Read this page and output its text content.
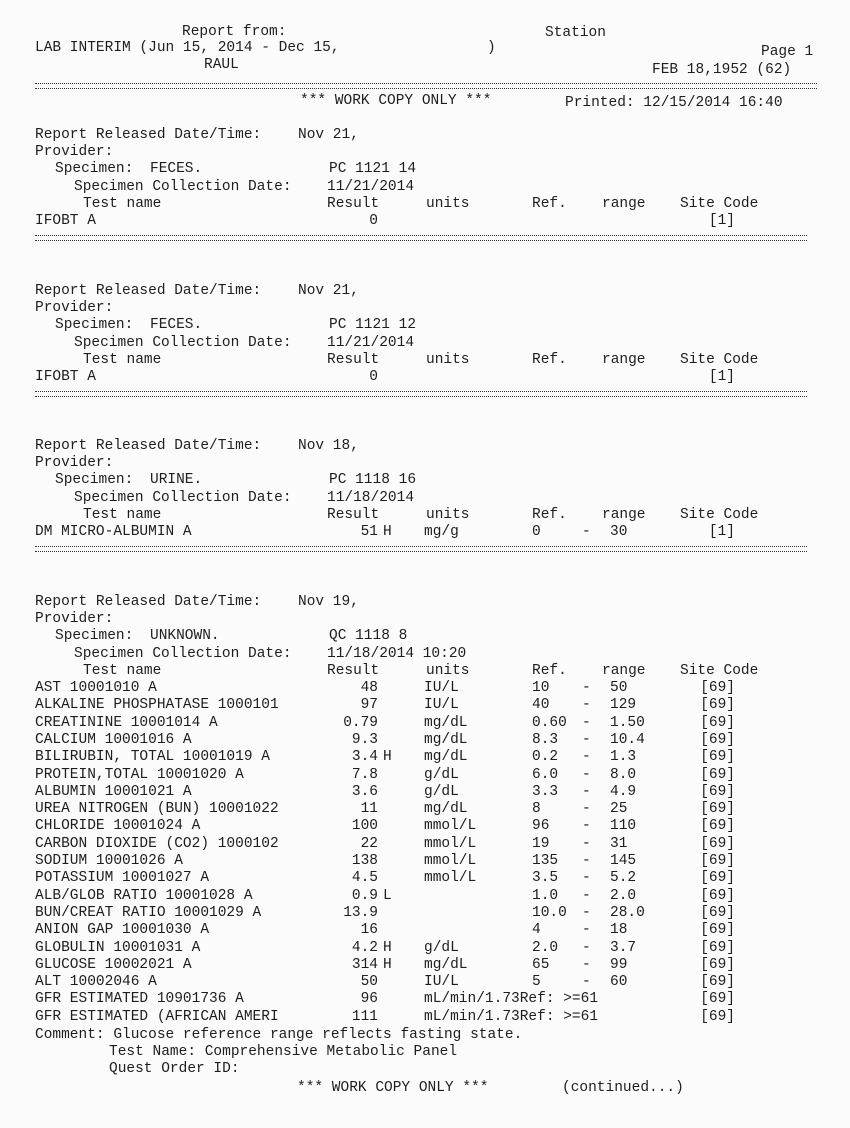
Report from:	Station
LAB INTERIM (Jun 15, 2014 - Dec 15,	)	Page 1
RAUL	FEB 18,1952 (62)
*** WORK COPY ONLY ***	Printed: 12/15/2014 16:40
Report Released Date/Time:	Nov 21,
Provider:
Specimen: FECES.	PC 1121 14
Specimen Collection Date: 11/21/2014
Test name	Result	units	Ref. range Site Code
IFOBT A	0	[1]
Report Released Date/Time:	Nov 21,
Provider:
Specimen: FECES.	PC 1121 12
Specimen Collection Date: 11/21/2014
Test name	Result	units	Ref. range Site Code
IFOBT A	0	[1]
Report Released Date/Time:	Nov 18,
Provider:
Specimen: URINE.	PC 1118 16
Specimen Collection Date: 11/18/2014
Test name	Result	units	Ref. range Site Code
DM MICRO-ALBUMIN A	51 H mg/g	0	- 30	[1]
Report Released Date/Time:	Nov 19,
Provider:
Specimen: UNKNOWN.	QC 1118 8
Specimen Collection Date: 11/18/2014 10:20
Test name	Result	units	Ref. range Site Code
AST 10001010 A	48	IU/L	10 - 50	[69]
ALKALINE PHOSPHATASE 1000101	97	IU/L	40 - 129	[69]
CREATININE 10001014 A	0.79	mg/dL	0.60 - 1.50	[69]
CALCIUM 10001016 A	9.3	mg/dL	8.3 - 10.4	[69]
BILIRUBIN, TOTAL 10001019 A	3.4 H mg/dL	0.2 - 1.3	[69]
PROTEIN,TOTAL 10001020 A	7.8	g/dL	6.0 - 8.0	[69]
ALBUMIN 10001021 A	3.6	g/dL	3.3 - 4.9	[69]
UREA NITROGEN (BUN) 10001022	11	mg/dL	8	- 25	[69]
CHLORIDE 10001024 A	100	mmol/L	96 - 110	[69]
CARBON DIOXIDE (CO2) 1000102	22	mmol/L	19 - 31	[69]
SODIUM 10001026 A	138	mmol/L	135 - 145	[69]
POTASSIUM 10001027 A	4.5	mmol/L	3.5 - 5.2	[69]
ALB/GLOB RATIO 10001028 A	0.9 L	1.0 - 2.0	[69]
BUN/CREAT RATIO 10001029 A	13.9	10.0 - 28.0	[69]
ANION GAP 10001030 A	16	4	- 18	[69]
GLOBULIN 10001031 A	4.2 H g/dL	2.0 - 3.7	[69]
GLUCOSE 10002021 A	314 H mg/dL	65 - 99	[69]
ALT 10002046 A	50	IU/L	5	- 60	[69]
GFR ESTIMATED 10901736 A	96	mL/min/1.73Ref: >=61	[69]
GFR ESTIMATED (AFRICAN AMERI	111	mL/min/1.73Ref: >=61	[69]
Comment: Glucose reference range reflects fasting state.
Test Name: Comprehensive Metabolic Panel
Quest Order ID:
*** WORK COPY ONLY ***	(continued...)
